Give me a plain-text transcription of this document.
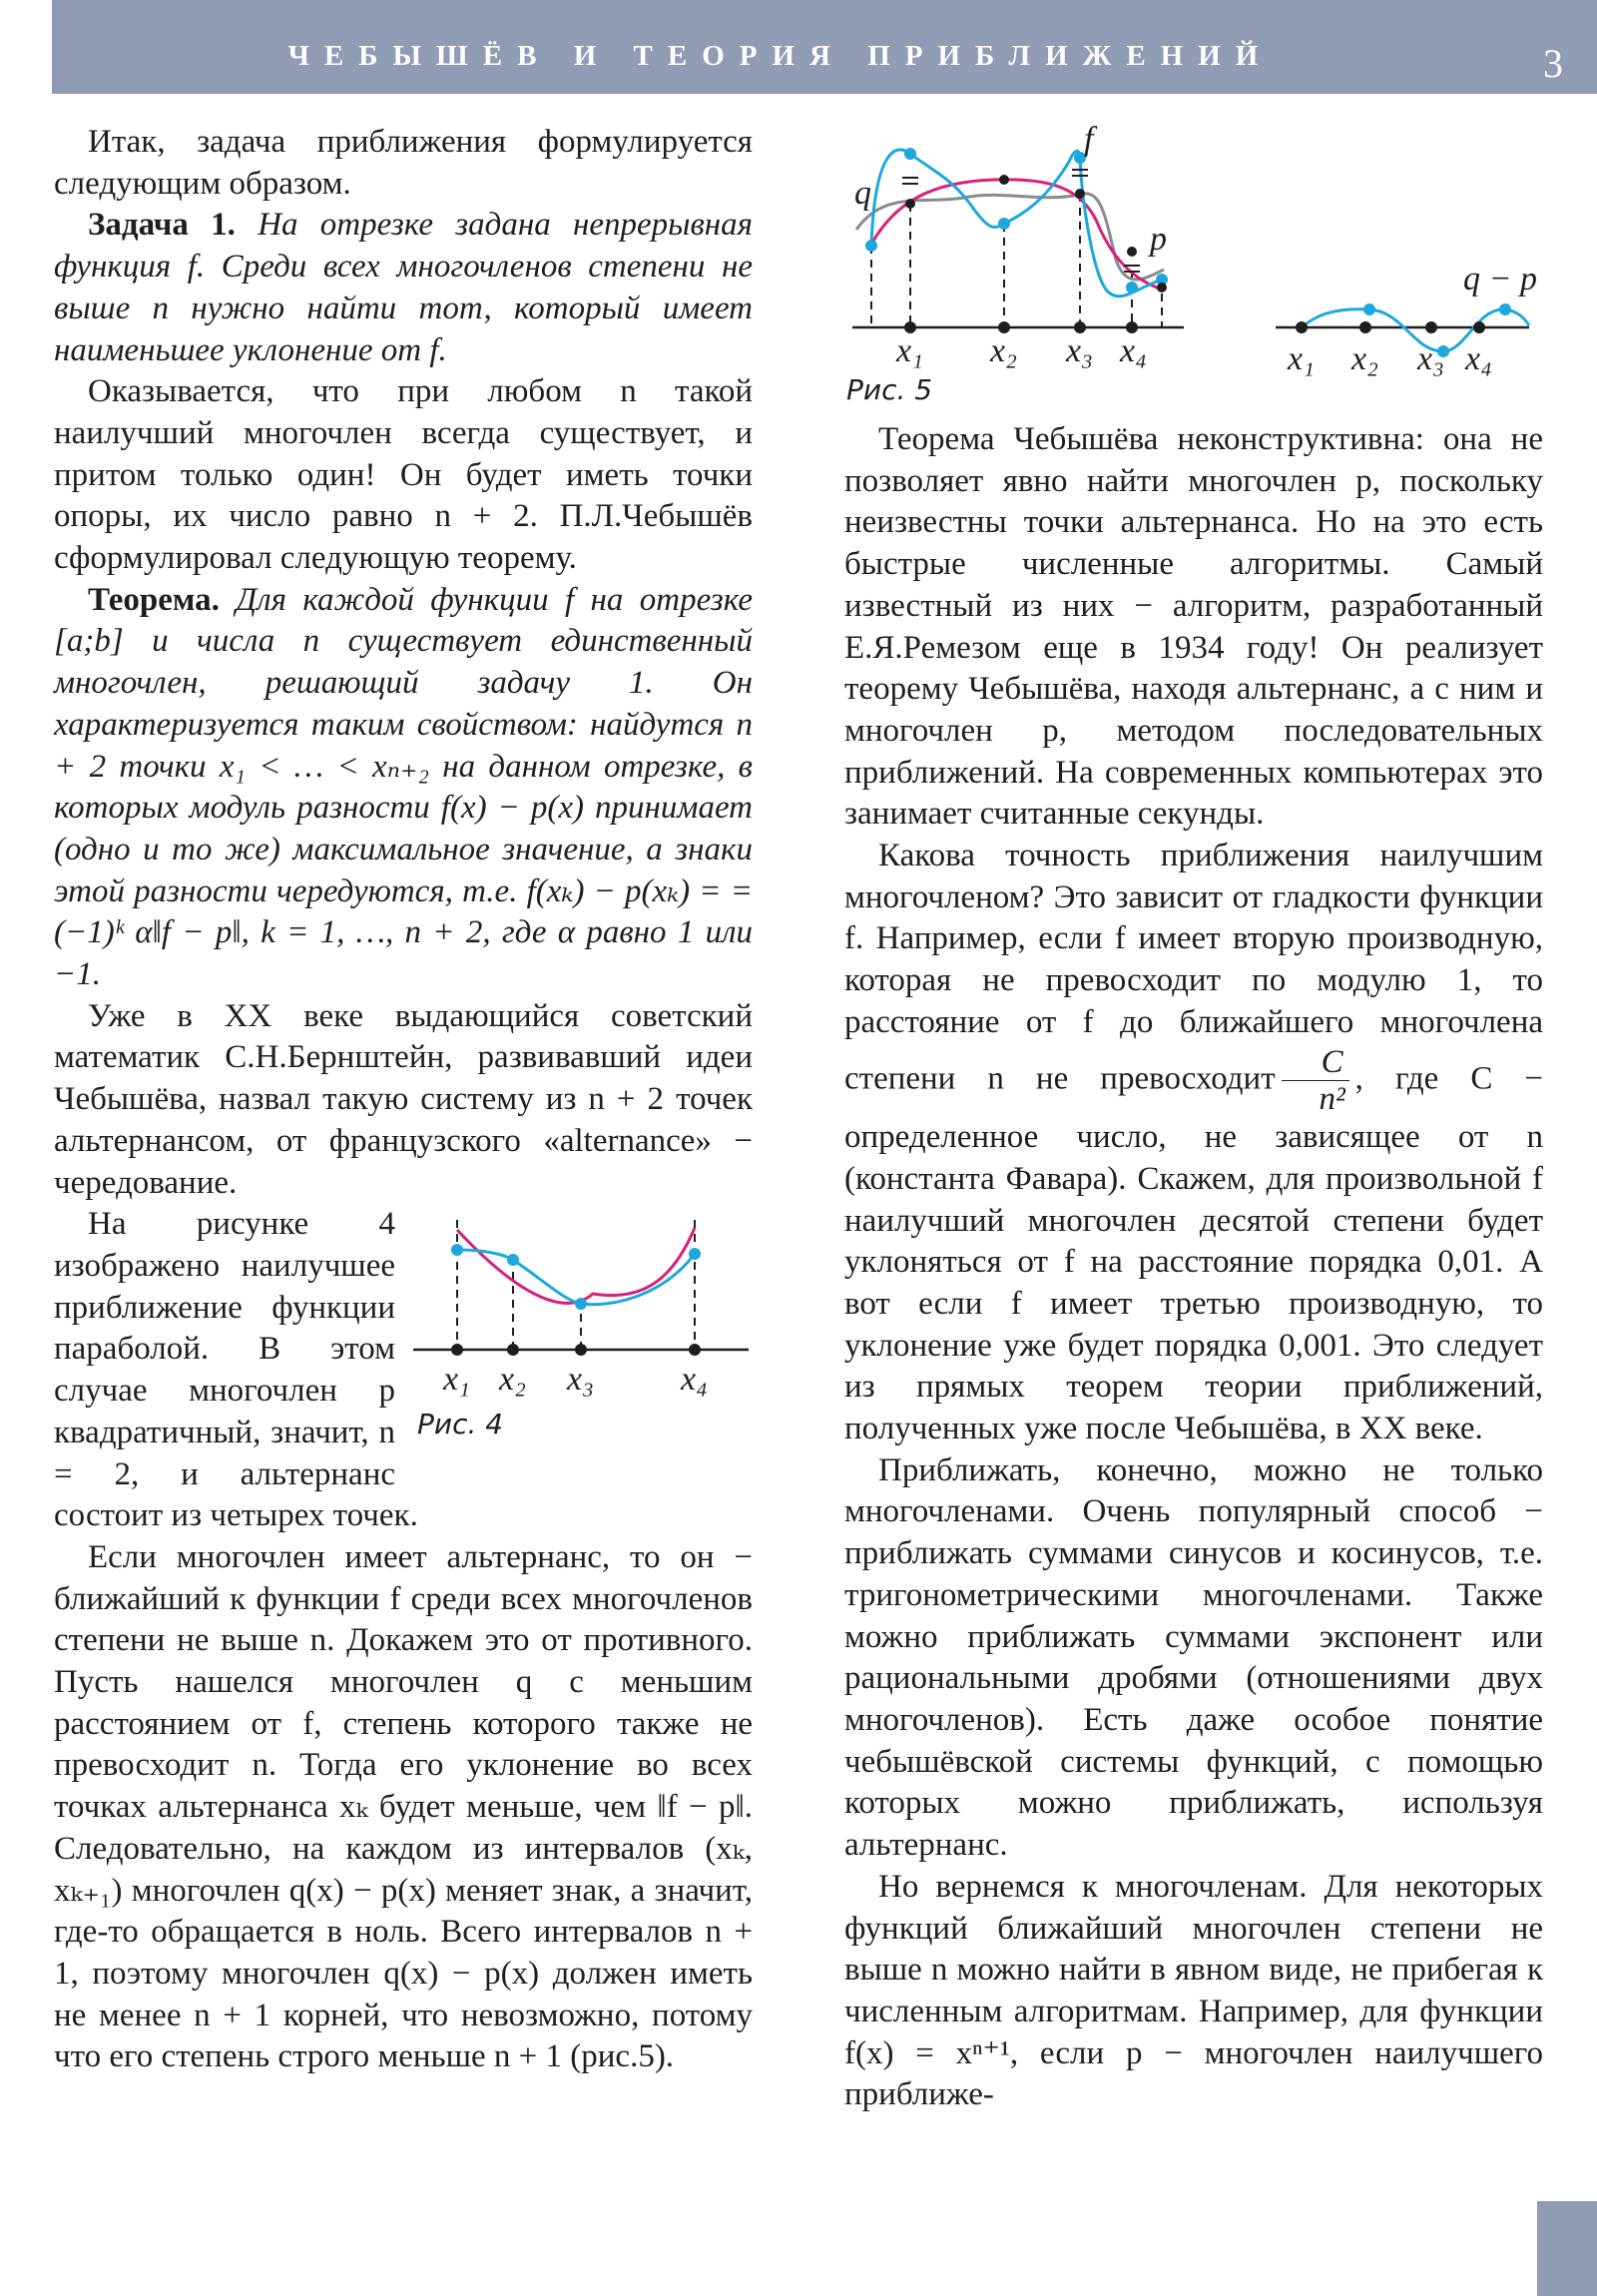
ЧЕБЫШЁВ И ТЕОРИЯ ПРИБЛИЖЕНИЙ	3
f
q
p
x₁ x₂ x₃ x₄
Рис. 5
q − p
x₁ x₂ x₃ x₄

Итак, задача приближения формулируется следующим образом.

Задача 1. На отрезке задана непрерывная функция f. Среди всех многочленов степени не выше n нужно найти тот, который имеет наименьшее уклонение от f.

Оказывается, что при любом n такой наилучший многочлен всегда существует, и притом только один! Он будет иметь точки опоры, их число равно n + 2. П.Л.Чебышёв сформулировал следующую теорему.

Теорема. Для каждой функции f на отрезке [a;b] и числа n существует единственный многочлен, решающий задачу 1. Он характеризуется таким свойством: найдутся n + 2 точки x₁ < … < xₙ₊₂ на данном отрезке, в которых модуль разности f(x) − p(x) принимает (одно и то же) максимальное значение, а знаки этой разности чередуются, т.е. f(xₖ) − p(xₖ) = = (−1)ᵏ α‖f − p‖, k = 1, …, n + 2, где α равно 1 или −1.

Уже в XX веке выдающийся советский математик С.Н.Бернштейн, развивавший идеи Чебышёва, назвал такую систему из n + 2 точек альтернансом, от французского «alternance» − чередование.

x₁ x₂ x₃	x₄
Рис. 4

На рисунке 4 изображено наилучшее приближение функции параболой. В этом случае многочлен p квадратичный, значит, n = 2, и альтернанс состоит из четырех точек.

Если многочлен имеет альтернанс, то он − ближайший к функции f среди всех многочленов степени не выше n. Докажем это от противного. Пусть нашелся многочлен q с меньшим расстоянием от f, степень которого также не превосходит n. Тогда его уклонение во всех точках альтернанса xₖ будет меньше, чем ‖f − p‖. Следовательно, на каждом из интервалов (xₖ, xₖ₊₁) многочлен q(x) − p(x) меняет знак, а значит, где-то обращается в ноль. Всего интервалов n + 1, поэтому многочлен q(x) − p(x) должен иметь не менее n + 1 корней, что невозможно, потому что его степень строго меньше n + 1 (рис.5).

Теорема Чебышёва неконструктивна: она не позволяет явно найти многочлен p, поскольку неизвестны точки альтернанса. Но на это есть быстрые численные алгоритмы. Самый известный из них − алгоритм, разработанный Е.Я.Ремезом еще в 1934 году! Он реализует теорему Чебышёва, находя альтернанс, а с ним и многочлен p, методом последовательных приближений. На современных компьютерах это занимает считанные секунды.

Какова точность приближения наилучшим многочленом? Это зависит от гладкости функции f. Например, если f имеет вторую производную, которая не превосходит по модулю 1, то расстояние от f до ближайшего многочлена степени n не превосходит $\frac{C}{\text{n²}}$ , где C − определенное число, не зависящее от n (константа Фавара). Скажем, для произвольной f наилучший многочлен десятой степени будет уклоняться от f на расстояние порядка 0,01. А вот если f имеет третью производную, то уклонение уже будет порядка 0,001. Это следует из прямых теорем теории приближений, полученных уже после Чебышёва, в XX веке.

Приближать, конечно, можно не только многочленами. Очень популярный способ − приближать суммами синусов и косинусов, т.е. тригонометрическими многочленами. Также можно приближать суммами экспонент или рациональными дробями (отношениями двух многочленов). Есть даже особое понятие чебышёвской системы функций, с помощью которых можно приближать, используя альтернанс.

Но вернемся к многочленам. Для некоторых функций ближайший многочлен степени не выше n можно найти в явном виде, не прибегая к численным алгоритмам. Например, для функции f(x) = xⁿ⁺¹, если p − многочлен наилучшего приближе-
